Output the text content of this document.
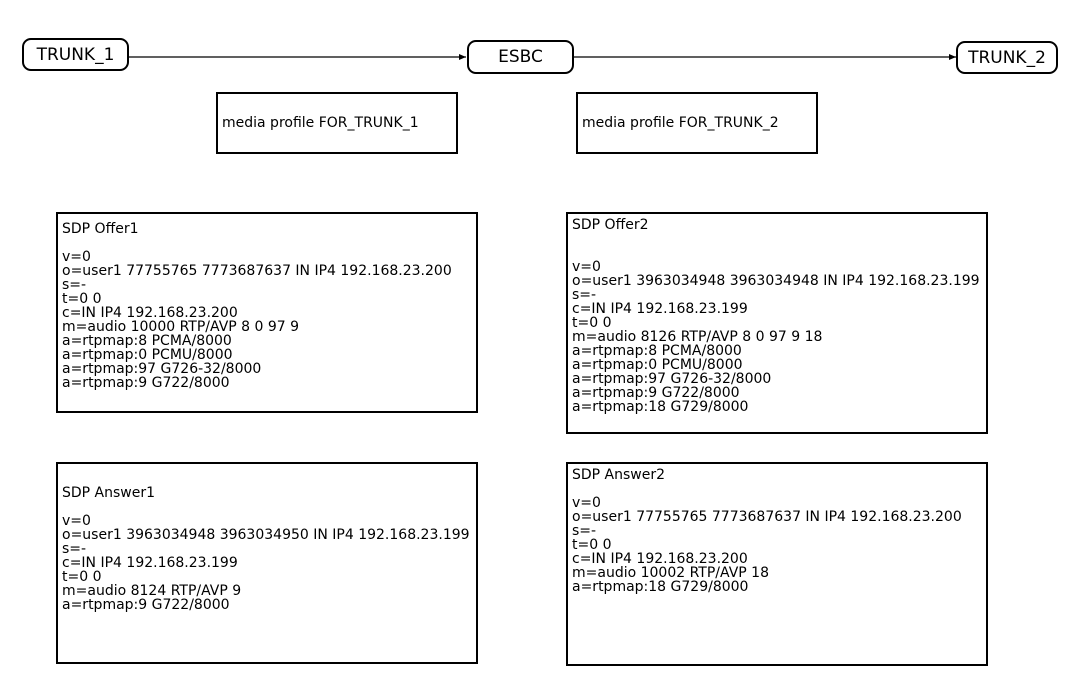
TRUNK_1	ESBC	TRUNK_2
media profile FOR_TRUNK_1	media profile FOR_TRUNK_2

SDP Offer1

v=0
o=user1 77755765 7773687637 IN IP4 192.168.23.200
s=-
t=0 0
c=IN IP4 192.168.23.200
m=audio 10000 RTP/AVP 8 0 97 9
a=rtpmap:8 PCMA/8000
a=rtpmap:0 PCMU/8000
a=rtpmap:97 G726-32/8000
a=rtpmap:9 G722/8000

SDP Offer2

v=0
o=user1 3963034948 3963034948 IN IP4 192.168.23.199
s=-
c=IN IP4 192.168.23.199
t=0 0
m=audio 8126 RTP/AVP 8 0 97 9 18
a=rtpmap:8 PCMA/8000
a=rtpmap:0 PCMU/8000
a=rtpmap:97 G726-32/8000
a=rtpmap:9 G722/8000
a=rtpmap:18 G729/8000

SDP Answer1

v=0
o=user1 3963034948 3963034950 IN IP4 192.168.23.199
s=-
c=IN IP4 192.168.23.199
t=0 0
m=audio 8124 RTP/AVP 9
a=rtpmap:9 G722/8000

SDP Answer2

v=0
o=user1 77755765 7773687637 IN IP4 192.168.23.200
s=-
t=0 0
c=IN IP4 192.168.23.200
m=audio 10002 RTP/AVP 18
a=rtpmap:18 G729/8000
